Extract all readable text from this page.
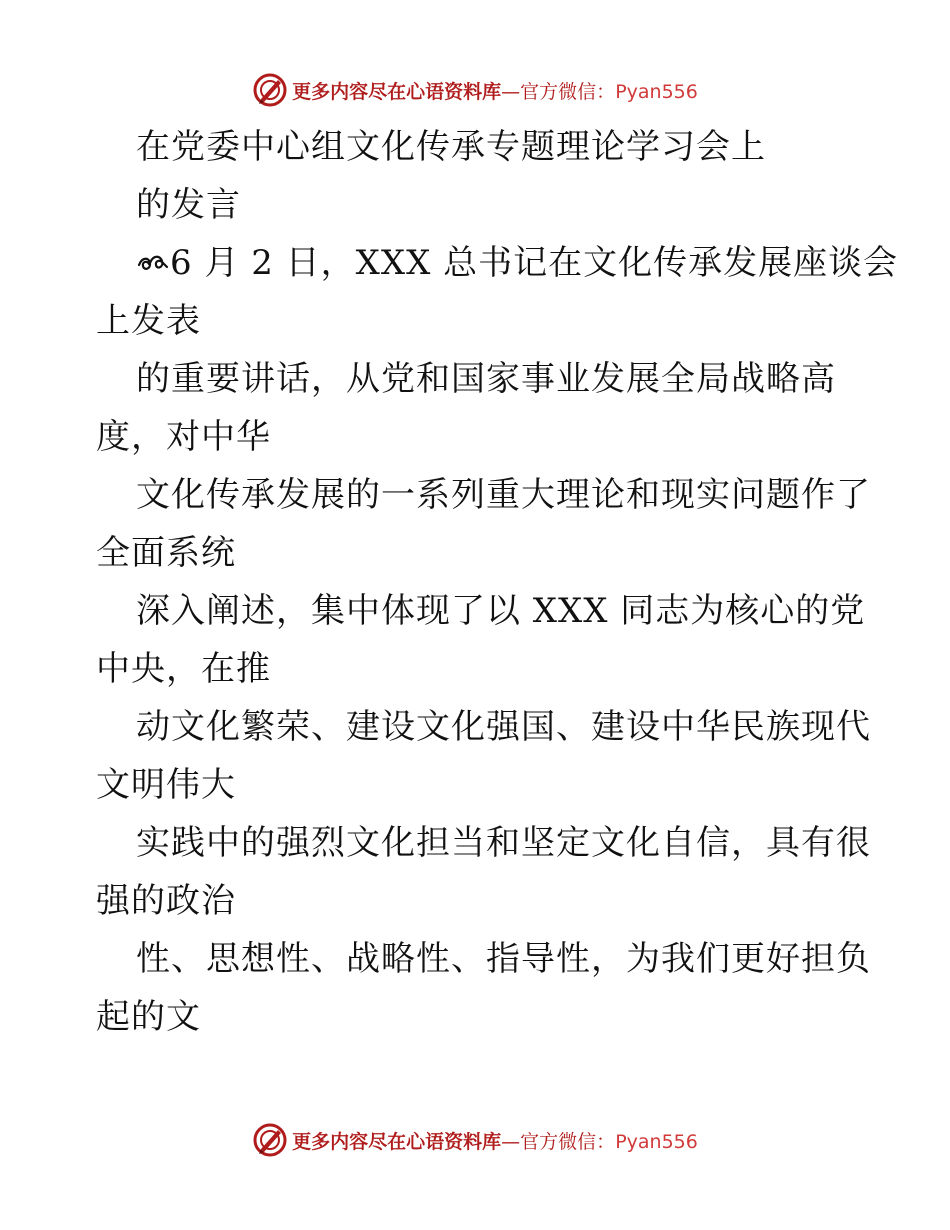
更多内容尽在心语资料库—官方微信：Pyan556
在党委中心组文化传承专题理论学习会上
的发言
6 月 2 日，XXX 总书记在文化传承发展座谈会
上发表
的重要讲话，从党和国家事业发展全局战略高
度，对中华
文化传承发展的一系列重大理论和现实问题作了
全面系统
深入阐述，集中体现了以 XXX 同志为核心的党
中央，在推
动文化繁荣、建设文化强国、建设中华民族现代
文明伟大
实践中的强烈文化担当和坚定文化自信，具有很
强的政治
性、思想性、战略性、指导性，为我们更好担负
起的文
更多内容尽在心语资料库—官方微信：Pyan556
